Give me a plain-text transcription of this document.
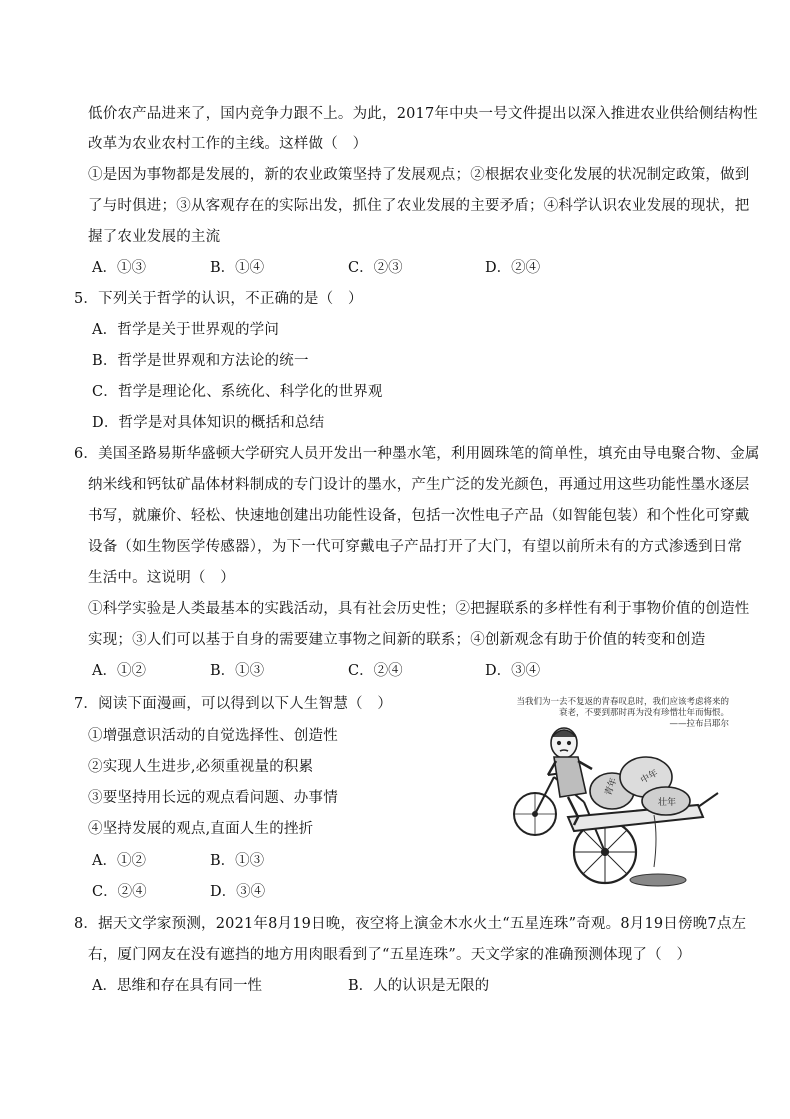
低价农产品进来了，国内竞争力跟不上。为此，2017年中央一号文件提出以深入推进农业供给侧结构性
改革为农业农村工作的主线。这样做（　）
①是因为事物都是发展的，新的农业政策坚持了发展观点；②根据农业变化发展的状况制定政策，做到
了与时俱进；③从客观存在的实际出发，抓住了农业发展的主要矛盾；④科学认识农业发展的现状，把
握了农业发展的主流
A．①③	B．①④	C．②③	D．②④
5．下列关于哲学的认识，不正确的是（　）
A．哲学是关于世界观的学问
B．哲学是世界观和方法论的统一
C．哲学是理论化、系统化、科学化的世界观
D．哲学是对具体知识的概括和总结
6．美国圣路易斯华盛顿大学研究人员开发出一种墨水笔，利用圆珠笔的简单性，填充由导电聚合物、金属
纳米线和钙钛矿晶体材料制成的专门设计的墨水，产生广泛的发光颜色，再通过用这些功能性墨水逐层
书写，就廉价、轻松、快速地创建出功能性设备，包括一次性电子产品（如智能包装）和个性化可穿戴
设备（如生物医学传感器），为下一代可穿戴电子产品打开了大门，有望以前所未有的方式渗透到日常
生活中。这说明（　）
①科学实验是人类最基本的实践活动，具有社会历史性；②把握联系的多样性有利于事物价值的创造性
实现；③人们可以基于自身的需要建立事物之间新的联系；④创新观念有助于价值的转变和创造
A．①②	B．①③	C．②④	D．③④
7．阅读下面漫画，可以得到以下人生智慧（　）
①增强意识活动的自觉选择性、创造性
②实现人生进步,必须重视量的积累
③要坚持用长远的观点看问题、办事情
④坚持发展的观点,直面人生的挫折
A．①②	B．①③
C．②④	D．③④
当我们为一去不复返的青春叹息时，我们应该考虑将来的衰老，不要到那时再为没有珍惜壮年而悔恨。
——拉布吕耶尔
青年 中年
壮年
8．据天文学家预测，2021年8月19日晚，夜空将上演金木水火土“五星连珠”奇观。8月19日傍晚7点左
右，厦门网友在没有遮挡的地方用肉眼看到了“五星连珠”。天文学家的准确预测体现了（　）
A．思维和存在具有同一性	B．人的认识是无限的
